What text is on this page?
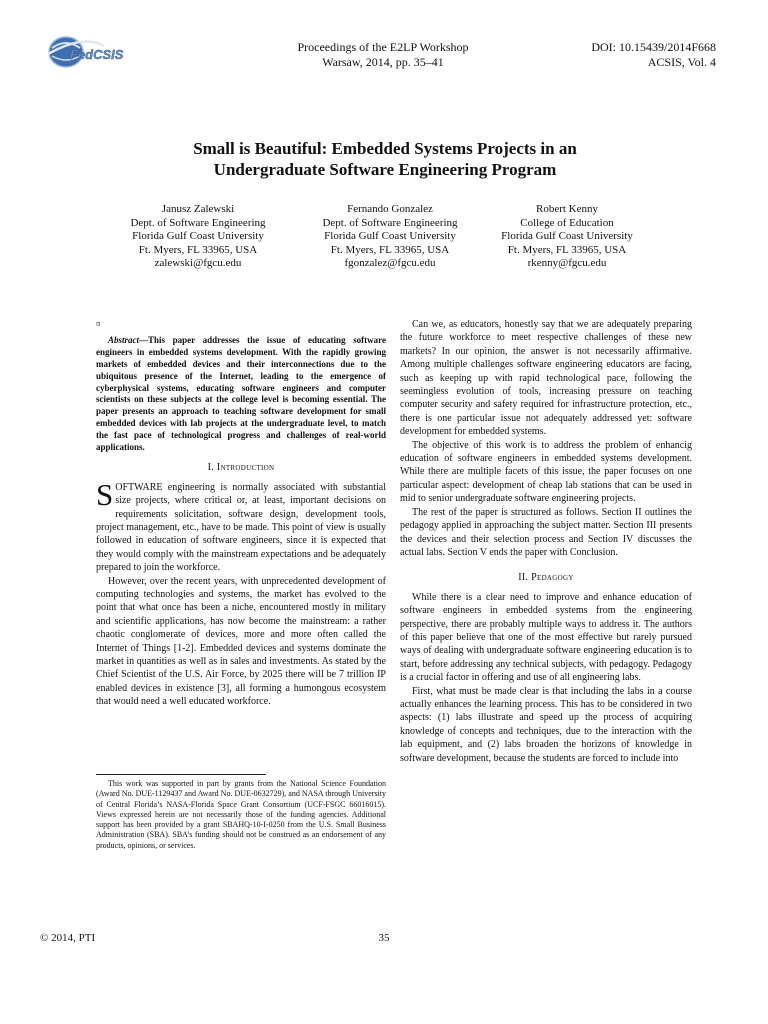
FedCSIS	Proceedings of the E2LP Workshop
Warsaw, 2014, pp. 35–41
DOI: 10.15439/2014F668
ACSIS, Vol. 4
Small is Beautiful: Embedded Systems Projects in an
Undergraduate Software Engineering Program
Janusz Zalewski
Dept. of Software Engineering
Florida Gulf Coast University
Ft. Myers, FL 33965, USA
zalewski@fgcu.edu
Fernando Gonzalez
Dept. of Software Engineering
Florida Gulf Coast University
Ft. Myers, FL 33965, USA
fgonzalez@fgcu.edu
Robert Kenny
College of Education
Florida Gulf Coast University
Ft. Myers, FL 33965, USA
rkenny@fgcu.edu
¤

Abstract—This paper addresses the issue of educating software engineers in embedded systems development. With the rapidly growing markets of embedded devices and their interconnections due to the ubiquitous presence of the Internet, leading to the emergence of cyberphysical systems, educating software engineers and computer scientists on these subjects at the college level is becoming essential. The paper presents an approach to teaching software development for small embedded devices with lab projects at the undergraduate level, to match the fast pace of technological progress and challenges of real-world applications.

I. Introduction

SOFTWARE engineering is normally associated with substantial size projects, where critical or, at least, important decisions on requirements solicitation, software design, development tools, project management, etc., have to be made. This point of view is usually followed in education of software engineers, since it is expected that they would comply with the mainstream expectations and be adequately prepared to join the workforce.

However, over the recent years, with unprecedented development of computing technologies and systems, the market has evolved to the point that what once has been a niche, encountered mostly in military and scientific applications, has now become the mainstream: a rather chaotic conglomerate of devices, more and more often called the Internet of Things [1-2]. Embedded devices and systems dominate the market in quantities as well as in sales and investments. As stated by the Chief Scientist of the U.S. Air Force, by 2025 there will be 7 trillion IP enabled devices in existence [3], all forming a humongous ecosystem that would need a well educated workforce.

This work was supported in part by grants from the National Science Foundation (Award No. DUE-1129437 and Award No. DUE-0632729), and NASA through University of Central Florida’s NASA-Florida Space Grant Consortium (UCF-FSGC 66016015). Views expressed herein are not necessarily those of the funding agencies. Additional support has been provided by a grant SBAHQ-10-I-0250 from the U.S. Small Business Administration (SBA). SBA’s funding should not be construed as an endorsement of any products, opinions, or services.

Can we, as educators, honestly say that we are adequately preparing the future workforce to meet respective challenges of these new markets? In our opinion, the answer is not necessarily affirmative. Among multiple challenges software engineering educators are facing, such as keeping up with rapid technological pace, following the seemingless evolution of tools, increasing pressure on teaching computer security and safety required for infrastructure protection, etc., there is one particular issue not adequately addressed yet: software development for embedded systems.

The objective of this work is to address the problem of enhancig education of software engineers in embedded systems development. While there are multiple facets of this issue, the paper focuses on one particular aspect: development of cheap lab stations that can be used in mid to senior undergraduate software engineering projects.

The rest of the paper is structured as follows. Section II outlines the pedagogy applied in approaching the subject matter. Section III presents the devices and their selection process and Section IV discusses the actual labs. Section V ends the paper with Conclusion.

II. Pedagogy

While there is a clear need to improve and enhance education of software engineers in embedded systems from the engineering perspective, there are probably multiple ways to address it. The authors of this paper believe that one of the most effective but rarely pursued ways of dealing with undergraduate software engineering education is to start, before addressing any technical subjects, with pedagogy. Pedagogy is a crucial factor in offering and use of all engineering labs.

First, what must be made clear is that including the labs in a course actually enhances the learning process. This has to be considered in two aspects: (1) labs illustrate and speed up the process of acquiring knowledge of concepts and techniques, due to the interaction with the lab equipment, and (2) labs broaden the horizons of knowledge in software development, because the students are forced to include into

© 2014, PTI	35
